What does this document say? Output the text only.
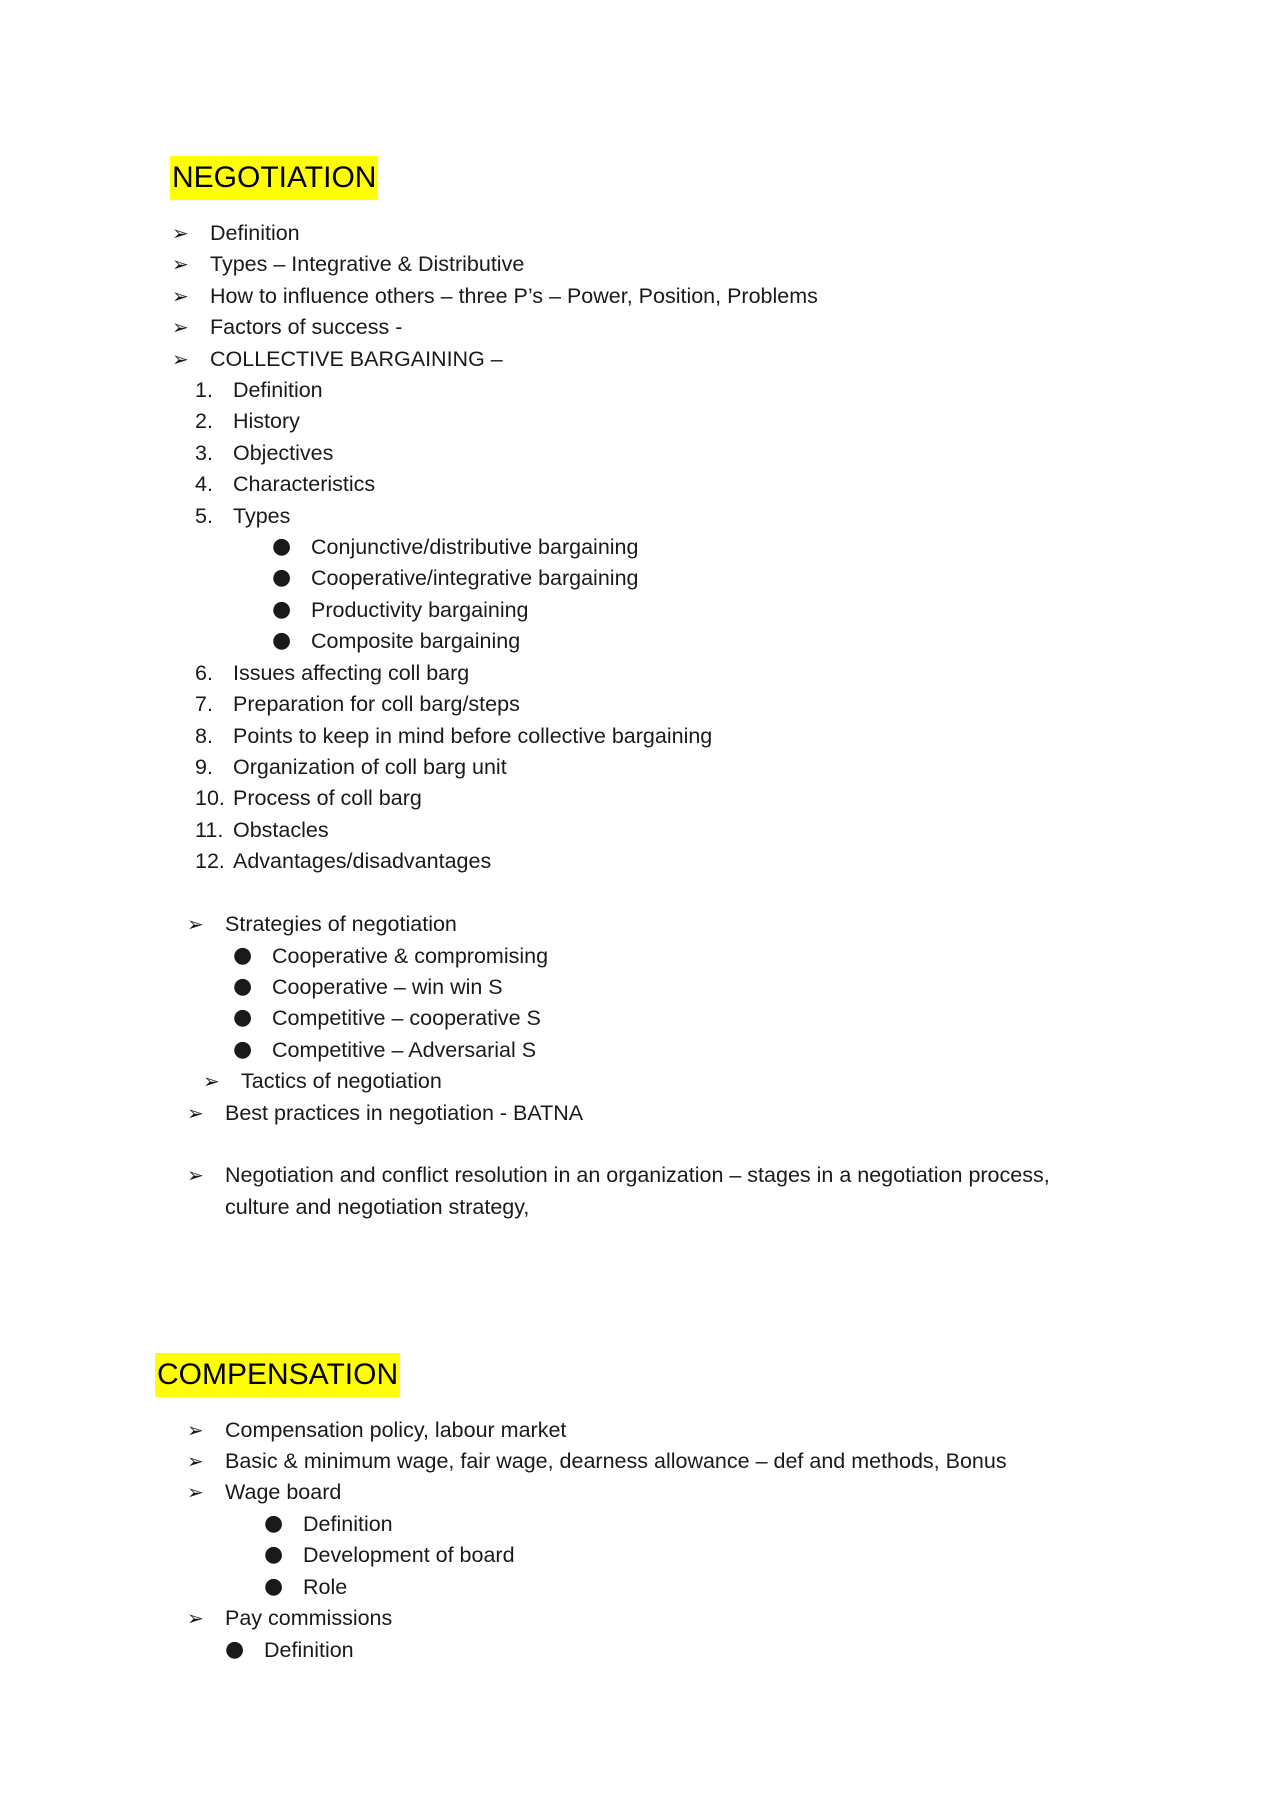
NEGOTIATION
➢ Definition
➢ Types – Integrative & Distributive
➢ How to influence others – three P’s – Power, Position, Problems
➢ Factors of success -
➢ COLLECTIVE BARGAINING –
1. Definition
2. History
3. Objectives
4. Characteristics
5. Types
● Conjunctive/distributive bargaining
● Cooperative/integrative bargaining
● Productivity bargaining
● Composite bargaining
6. Issues affecting coll barg
7. Preparation for coll barg/steps
8. Points to keep in mind before collective bargaining
9. Organization of coll barg unit
10. Process of coll barg
11. Obstacles
12. Advantages/disadvantages
➢ Strategies of negotiation
● Cooperative & compromising
● Cooperative – win win S
● Competitive – cooperative S
● Competitive – Adversarial S
➢ Tactics of negotiation
➢ Best practices in negotiation - BATNA
➢ Negotiation and conflict resolution in an organization – stages in a negotiation process,
culture and negotiation strategy,
COMPENSATION
➢ Compensation policy, labour market
➢ Basic & minimum wage, fair wage, dearness allowance – def and methods, Bonus
➢ Wage board
● Definition
● Development of board
● Role
➢ Pay commissions
● Definition
